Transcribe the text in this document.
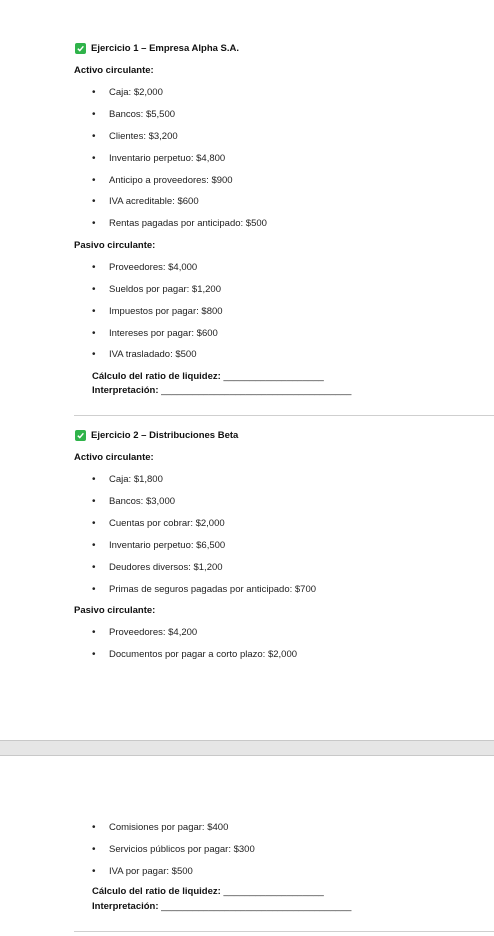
Ejercicio 1 – Empresa Alpha S.A.
Activo circulante:
• Caja: $2,000
• Bancos: $5,500
• Clientes: $3,200
• Inventario perpetuo: $4,800
• Anticipo a proveedores: $900
• IVA acreditable: $600
• Rentas pagadas por anticipado: $500
Pasivo circulante:
• Proveedores: $4,000
• Sueldos por pagar: $1,200
• Impuestos por pagar: $800
• Intereses por pagar: $600
• IVA trasladado: $500
Cálculo del ratio de liquidez: ___________________
Interpretación: ____________________________________
Ejercicio 2 – Distribuciones Beta
Activo circulante:
• Caja: $1,800
• Bancos: $3,000
• Cuentas por cobrar: $2,000
• Inventario perpetuo: $6,500
• Deudores diversos: $1,200
• Primas de seguros pagadas por anticipado: $700
Pasivo circulante:
• Proveedores: $4,200
• Documentos por pagar a corto plazo: $2,000
• Comisiones por pagar: $400
• Servicios públicos por pagar: $300
• IVA por pagar: $500
Cálculo del ratio de liquidez: ___________________
Interpretación: ____________________________________
